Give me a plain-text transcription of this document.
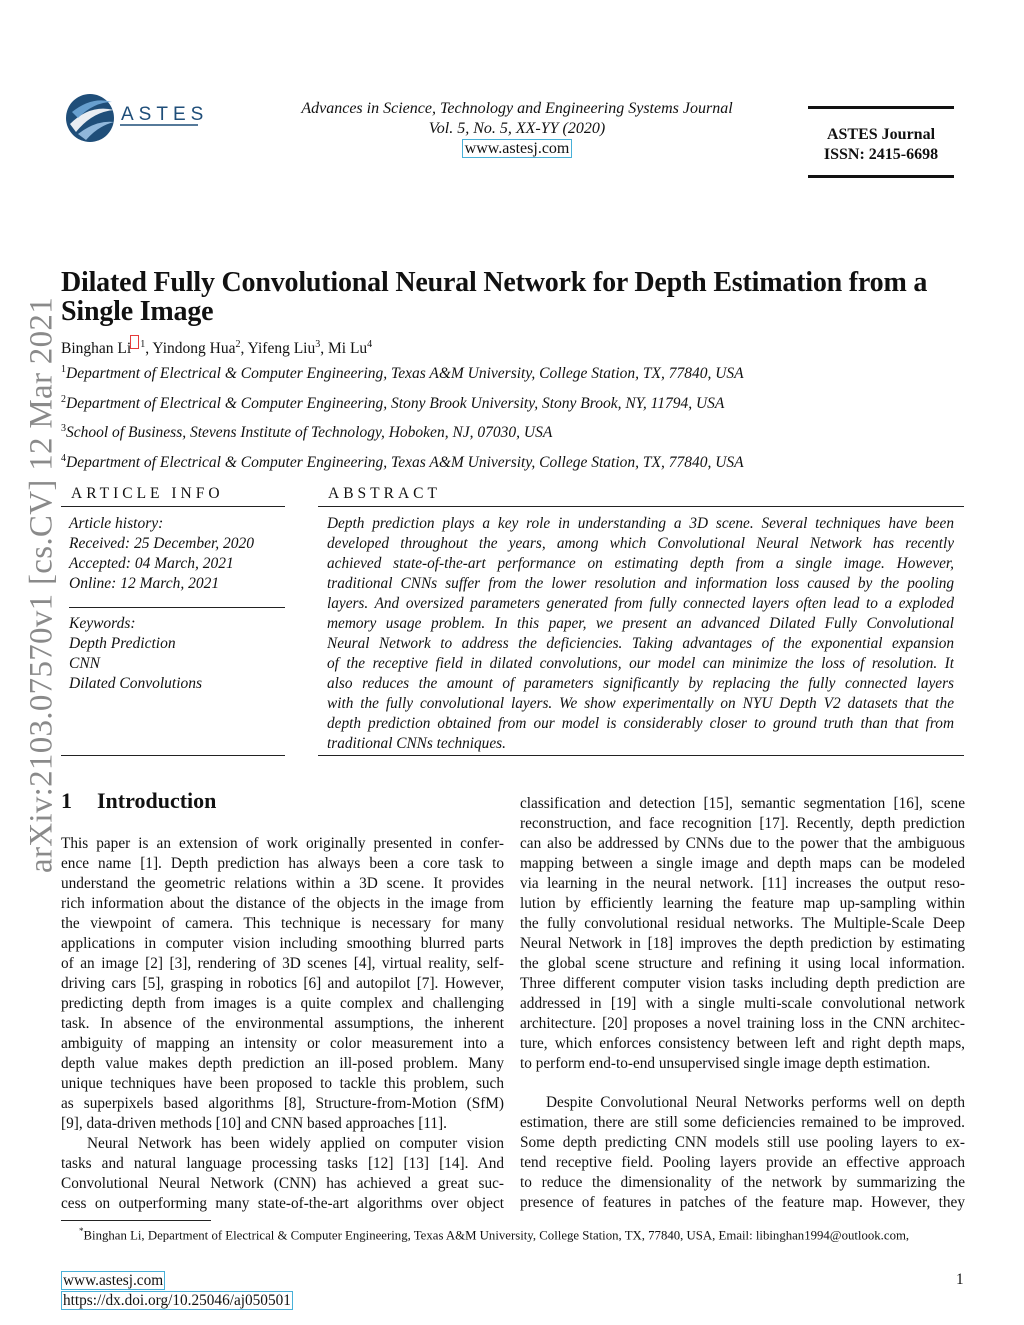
arXiv:2103.07570v1 [cs.CV] 12 Mar 2021
ASTES	Advances in Science, Technology and Engineering Systems Journal
Vol. 5, No. 5, XX-YY (2020)
www.astesj.com
ASTES Journal
ISSN: 2415-6698
Dilated Fully Convolutional Neural Network for Depth Estimation from a
Single Image
Binghan Li $^1$, Yindong Hua$^2$, Yifeng Liu$^3$, Mi Lu$^4$
$^1$Department of Electrical & Computer Engineering, Texas A&M University, College Station, TX, 77840, USA
$^2$Department of Electrical & Computer Engineering, Stony Brook University, Stony Brook, NY, 11794, USA
$^3$School of Business, Stevens Institute of Technology, Hoboken, NJ, 07030, USA
$^4$Department of Electrical & Computer Engineering, Texas A&M University, College Station, TX, 77840, USA
ARTICLE INFO	ABSTRACT
Article history:
Received: 25 December, 2020
Accepted: 04 March, 2021
Online: 12 March, 2021
Keywords:
Depth Prediction
CNN
Dilated Convolutions
Depth prediction plays a key role in understanding a 3D scene. Several techniques have been
developed throughout the years, among which Convolutional Neural Network has recently
achieved state-of-the-art performance on estimating depth from a single image. However,
traditional CNNs suffer from the lower resolution and information loss caused by the pooling
layers. And oversized parameters generated from fully connected layers often lead to a exploded
memory usage problem. In this paper, we present an advanced Dilated Fully Convolutional
Neural Network to address the deficiencies. Taking advantages of the exponential expansion
of the receptive field in dilated convolutions, our model can minimize the loss of resolution. It
also reduces the amount of parameters significantly by replacing the fully connected layers
with the fully convolutional layers. We show experimentally on NYU Depth V2 datasets that the
depth prediction obtained from our model is considerably closer to ground truth than that from
traditional CNNs techniques.
1 Introduction
This paper is an extension of work originally presented in confer-
ence name [1]. Depth prediction has always been a core task to
understand the geometric relations within a 3D scene. It provides
rich information about the distance of the objects in the image from
the viewpoint of camera. This technique is necessary for many
applications in computer vision including smoothing blurred parts
of an image [2] [3], rendering of 3D scenes [4], virtual reality, self-
driving cars [5], grasping in robotics [6] and autopilot [7]. However,
predicting depth from images is a quite complex and challenging
task. In absence of the environmental assumptions, the inherent
ambiguity of mapping an intensity or color measurement into a
depth value makes depth prediction an ill-posed problem. Many
unique techniques have been proposed to tackle this problem, such
as superpixels based algorithms [8], Structure-from-Motion (SfM)
[9], data-driven methods [10] and CNN based approaches [11].
Neural Network has been widely applied on computer vision
tasks and natural language processing tasks [12] [13] [14]. And
Convolutional Neural Network (CNN) has achieved a great suc-
cess on outperforming many state-of-the-art algorithms over object
classification and detection [15], semantic segmentation [16], scene
reconstruction, and face recognition [17]. Recently, depth prediction
can also be addressed by CNNs due to the power that the ambiguous
mapping between a single image and depth maps can be modeled
via learning in the neural network. [11] increases the output reso-
lution by efficiently learning the feature map up-sampling within
the fully convolutional residual networks. The Multiple-Scale Deep
Neural Network in [18] improves the depth prediction by estimating
the global scene structure and refining it using local information.
Three different computer vision tasks including depth prediction are
addressed in [19] with a single multi-scale convolutional network
architecture. [20] proposes a novel training loss in the CNN architec-
ture, which enforces consistency between left and right depth maps,
to perform end-to-end unsupervised single image depth estimation.
Despite Convolutional Neural Networks performs well on depth
estimation, there are still some deficiencies remained to be improved.
Some depth predicting CNN models still use pooling layers to ex-
tend receptive field. Pooling layers provide an effective approach
to reduce the dimensionality of the network by summarizing the
presence of features in patches of the feature map. However, they
*Binghan Li, Department of Electrical & Computer Engineering, Texas A&M University, College Station, TX, 77840, USA, Email: libinghan1994@outlook.com,
www.astesj.com
https://dx.doi.org/10.25046/aj050501
1
